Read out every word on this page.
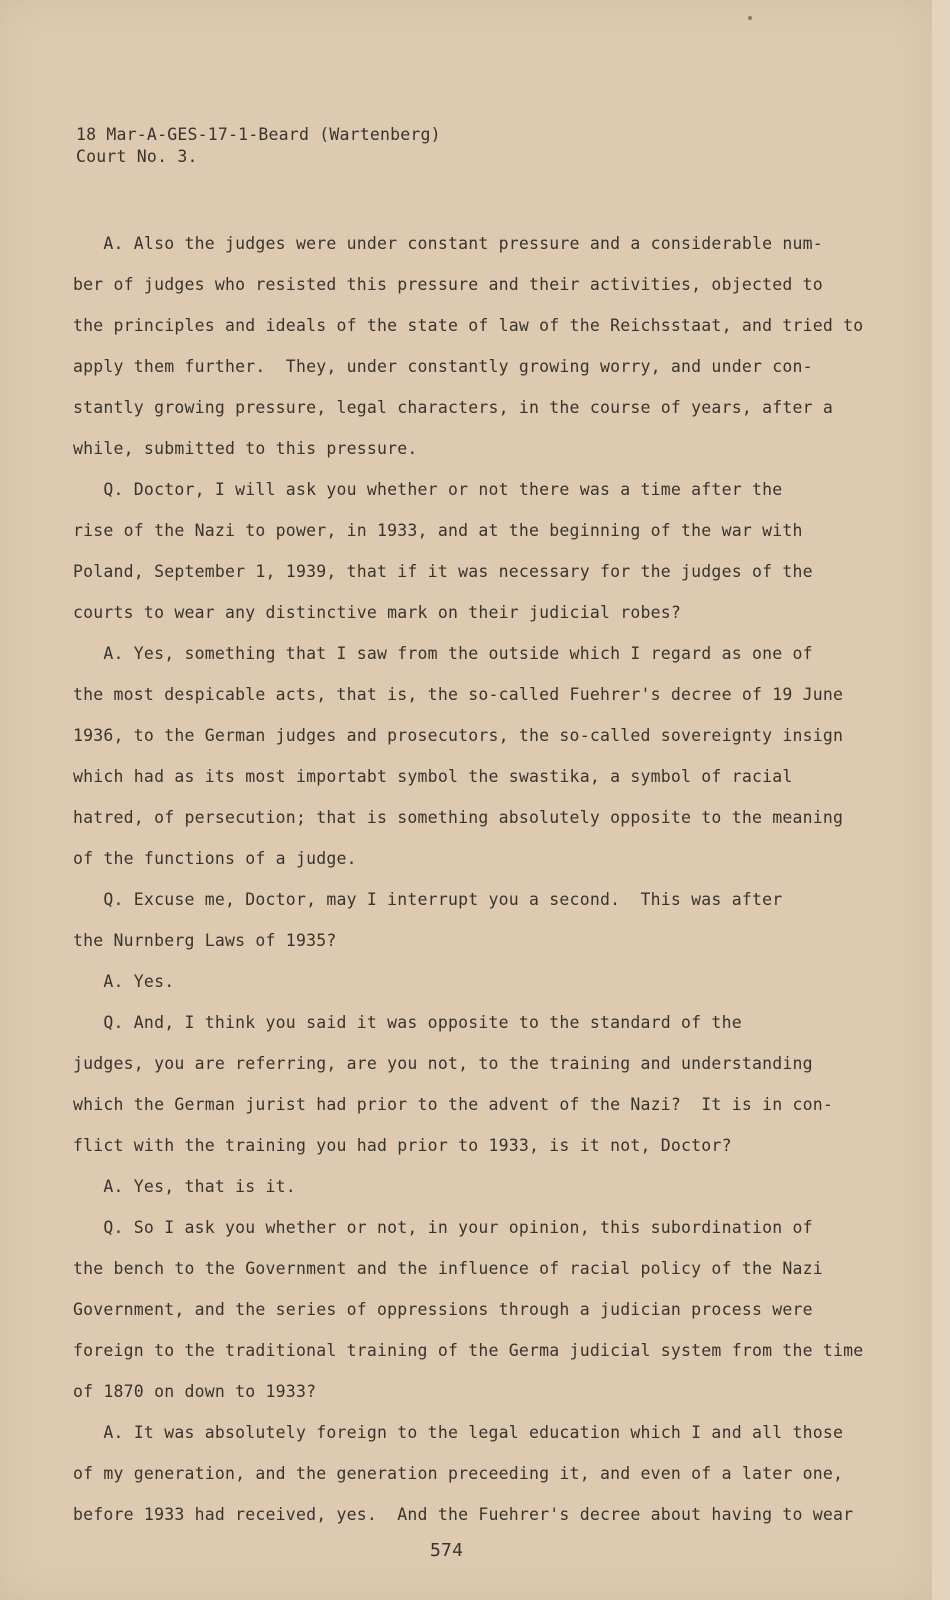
18 Mar-A-GES-17-1-Beard (Wartenberg)
Court No. 3.
A. Also the judges were under constant pressure and a considerable num-
ber of judges who resisted this pressure and their activities, objected to
the principles and ideals of the state of law of the Reichsstaat, and tried to
apply them further.  They, under constantly growing worry, and under con-
stantly growing pressure, legal characters, in the course of years, after a
while, submitted to this pressure.
Q. Doctor, I will ask you whether or not there was a time after the
rise of the Nazi to power, in 1933, and at the beginning of the war with
Poland, September 1, 1939, that if it was necessary for the judges of the
courts to wear any distinctive mark on their judicial robes?
A. Yes, something that I saw from the outside which I regard as one of
the most despicable acts, that is, the so-called Fuehrer's decree of 19 June
1936, to the German judges and prosecutors, the so-called sovereignty insign
which had as its most importabt symbol the swastika, a symbol of racial
hatred, of persecution; that is something absolutely opposite to the meaning
of the functions of a judge.
Q. Excuse me, Doctor, may I interrupt you a second.  This was after
the Nurnberg Laws of 1935?
A. Yes.
Q. And, I think you said it was opposite to the standard of the
judges, you are referring, are you not, to the training and understanding
which the German jurist had prior to the advent of the Nazi?  It is in con-
flict with the training you had prior to 1933, is it not, Doctor?
A. Yes, that is it.
Q. So I ask you whether or not, in your opinion, this subordination of
the bench to the Government and the influence of racial policy of the Nazi
Government, and the series of oppressions through a judician process were
foreign to the traditional training of the Germa judicial system from the time
of 1870 on down to 1933?
A. It was absolutely foreign to the legal education which I and all those
of my generation, and the generation preceeding it, and even of a later one,
before 1933 had received, yes.  And the Fuehrer's decree about having to wear
574
